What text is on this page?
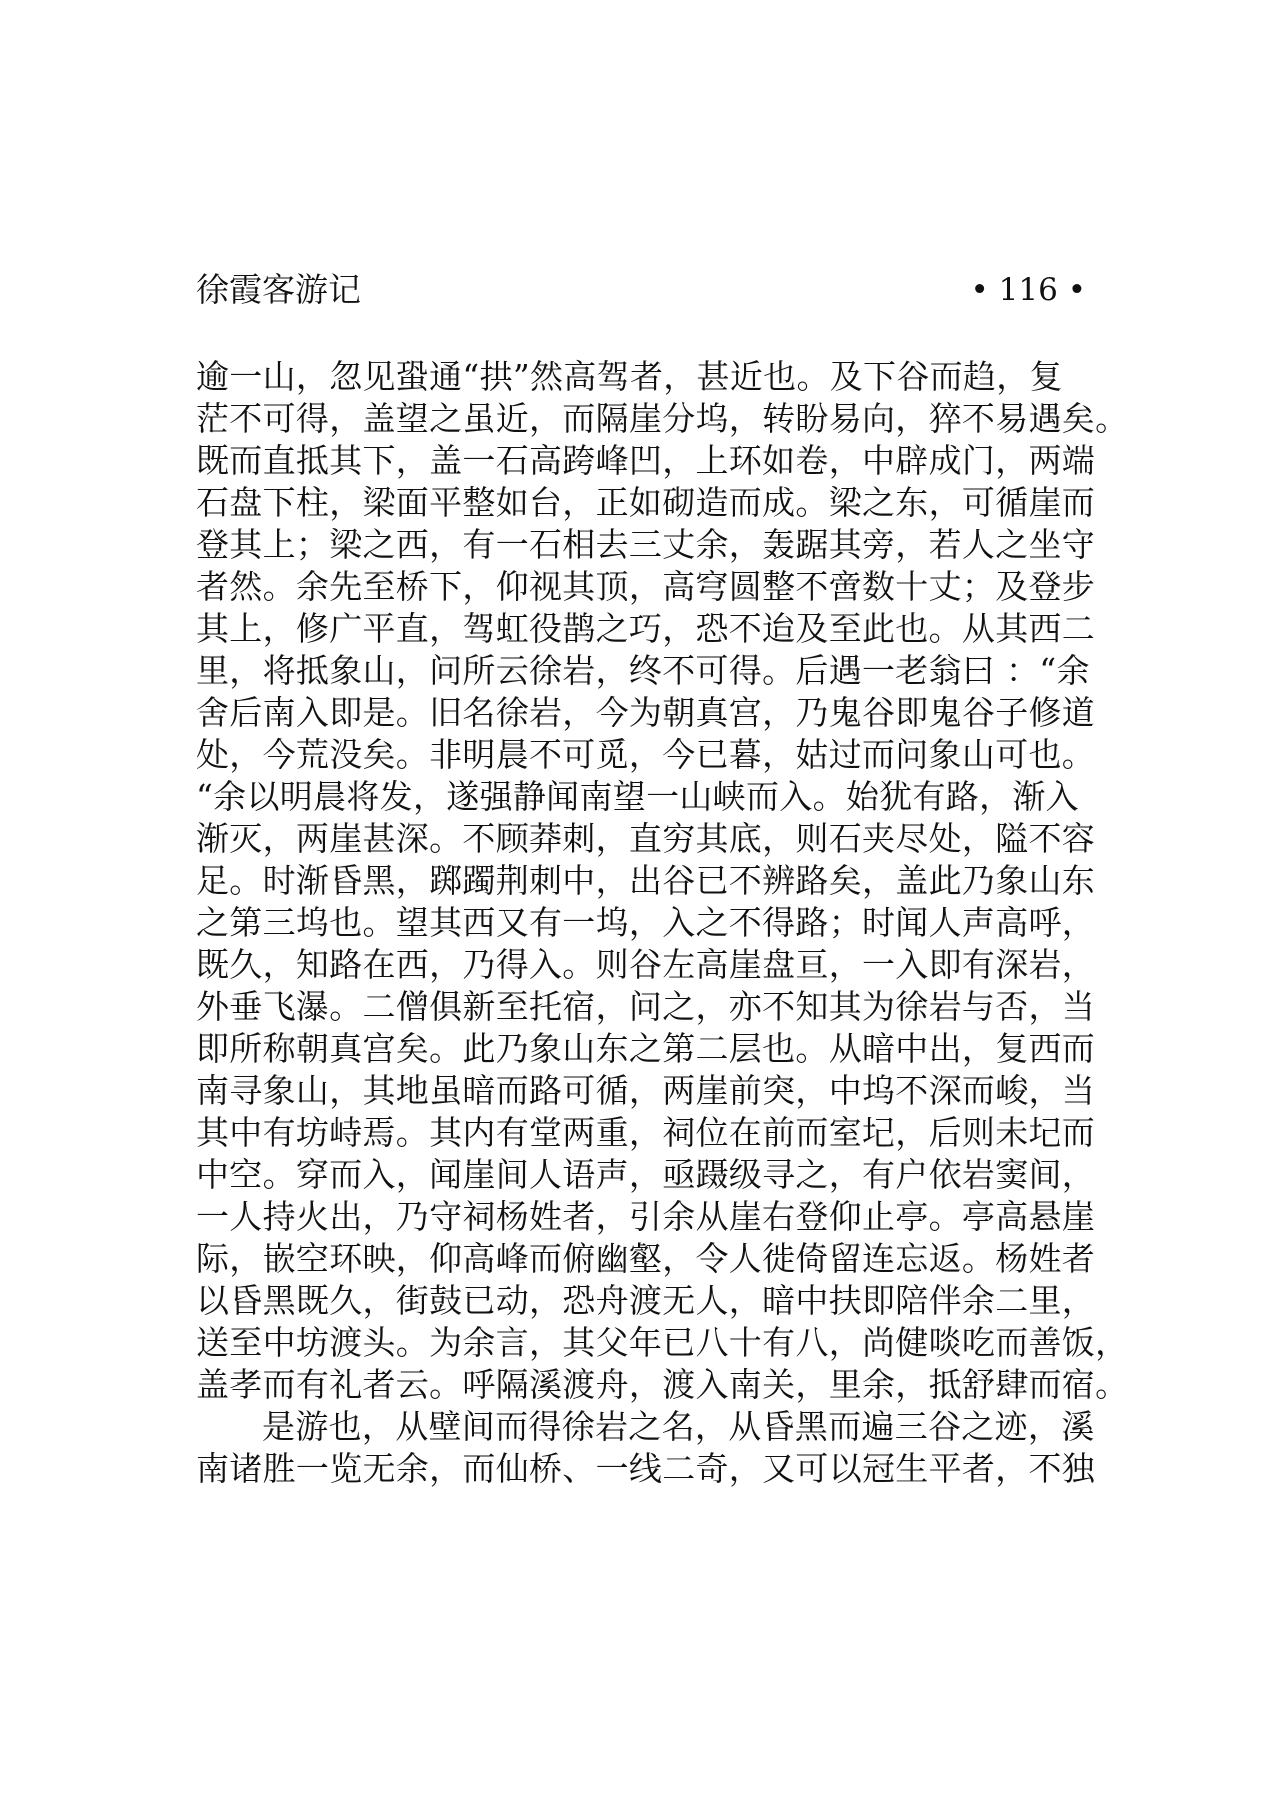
徐霞客游记	• 116 •
逾一山，忽见蛩通“拱”然高驾者，甚近也。及下谷而趋，复
茫不可得，盖望之虽近，而隔崖分坞，转盼易向，猝不易遇矣。
既而直抵其下，盖一石高跨峰凹，上环如卷，中辟成门，两端
石盘下柱，梁面平整如台，正如砌造而成。梁之东，可循崖而
登其上；梁之西，有一石相去三丈余，轰踞其旁，若人之坐守
者然。余先至桥下，仰视其顶，高穹圆整不啻数十丈；及登步
其上，修广平直，驾虹役鹊之巧，恐不迨及至此也。从其西二
里，将抵象山，问所云徐岩，终不可得。后遇一老翁曰 ：“余
舍后南入即是。旧名徐岩，今为朝真宫，乃鬼谷即鬼谷子修道
处，今荒没矣。非明晨不可觅，今已暮，姑过而问象山可也。
“余以明晨将发，遂强静闻南望一山峡而入。始犹有路，渐入
渐灭，两崖甚深。不顾莽刺，直穷其底，则石夹尽处，隘不容
足。时渐昏黑，踯躅荆刺中，出谷已不辨路矣，盖此乃象山东
之第三坞也。望其西又有一坞，入之不得路；时闻人声高呼，
既久，知路在西，乃得入。则谷左高崖盘亘，一入即有深岩，
外垂飞瀑。二僧俱新至托宿，问之，亦不知其为徐岩与否，当
即所称朝真宫矣。此乃象山东之第二层也。从暗中出，复西而
南寻象山，其地虽暗而路可循，两崖前突，中坞不深而峻，当
其中有坊峙焉。其内有堂两重，祠位在前而室圮，后则未圮而
中空。穿而入，闻崖间人语声，亟蹑级寻之，有户依岩窦间，
一人持火出，乃守祠杨姓者，引余从崖右登仰止亭。亭高悬崖
际，嵌空环映，仰高峰而俯幽壑，令人徙倚留连忘返。杨姓者
以昏黑既久，街鼓已动，恐舟渡无人，暗中扶即陪伴余二里，
送至中坊渡头。为余言，其父年已八十有八，尚健啖吃而善饭，
盖孝而有礼者云。呼隔溪渡舟，渡入南关，里余，抵舒肆而宿。
是游也，从壁间而得徐岩之名，从昏黑而遍三谷之迹，溪
南诸胜一览无余，而仙桥、一线二奇，又可以冠生平者，不独
